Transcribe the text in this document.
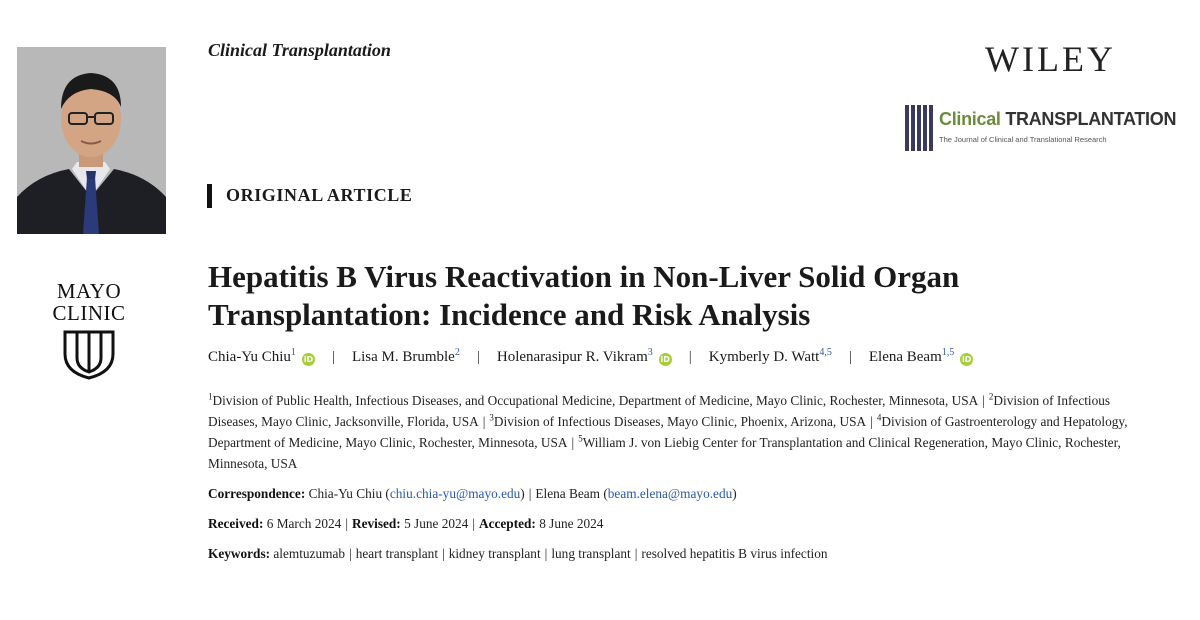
Clinical Transplantation	WILEY
Clinical TRANSPLANTATION
The Journal of Clinical and Translational Research
ORIGINAL ARTICLE
MAYO
CLINIC
Hepatitis B Virus Reactivation in Non-Liver Solid Organ Transplantation: Incidence and Risk Analysis
Chia-Yu Chiu$^1$iD | Lisa M. Brumble$^2$ | Holenarasipur R. Vikram$^3$iD | Kymberly D. Watt$^{4,5}$ | Elena Beam$^{1,5}$iD
$^1$Division of Public Health, Infectious Diseases, and Occupational Medicine, Department of Medicine, Mayo Clinic, Rochester, Minnesota, USA | $^2$Division of Infectious Diseases, Mayo Clinic, Jacksonville, Florida, USA | $^3$Division of Infectious Diseases, Mayo Clinic, Phoenix, Arizona, USA | $^4$Division of Gastroenterology and Hepatology, Department of Medicine, Mayo Clinic, Rochester, Minnesota, USA | $^5$William J. von Liebig Center for Transplantation and Clinical Regeneration, Mayo Clinic, Rochester, Minnesota, USA
Correspondence: Chia-Yu Chiu (chiu.chia-yu@mayo.edu) | Elena Beam (beam.elena@mayo.edu)
Received: 6 March 2024 | Revised: 5 June 2024 | Accepted: 8 June 2024
Keywords: alemtuzumab | heart transplant | kidney transplant | lung transplant | resolved hepatitis B virus infection
